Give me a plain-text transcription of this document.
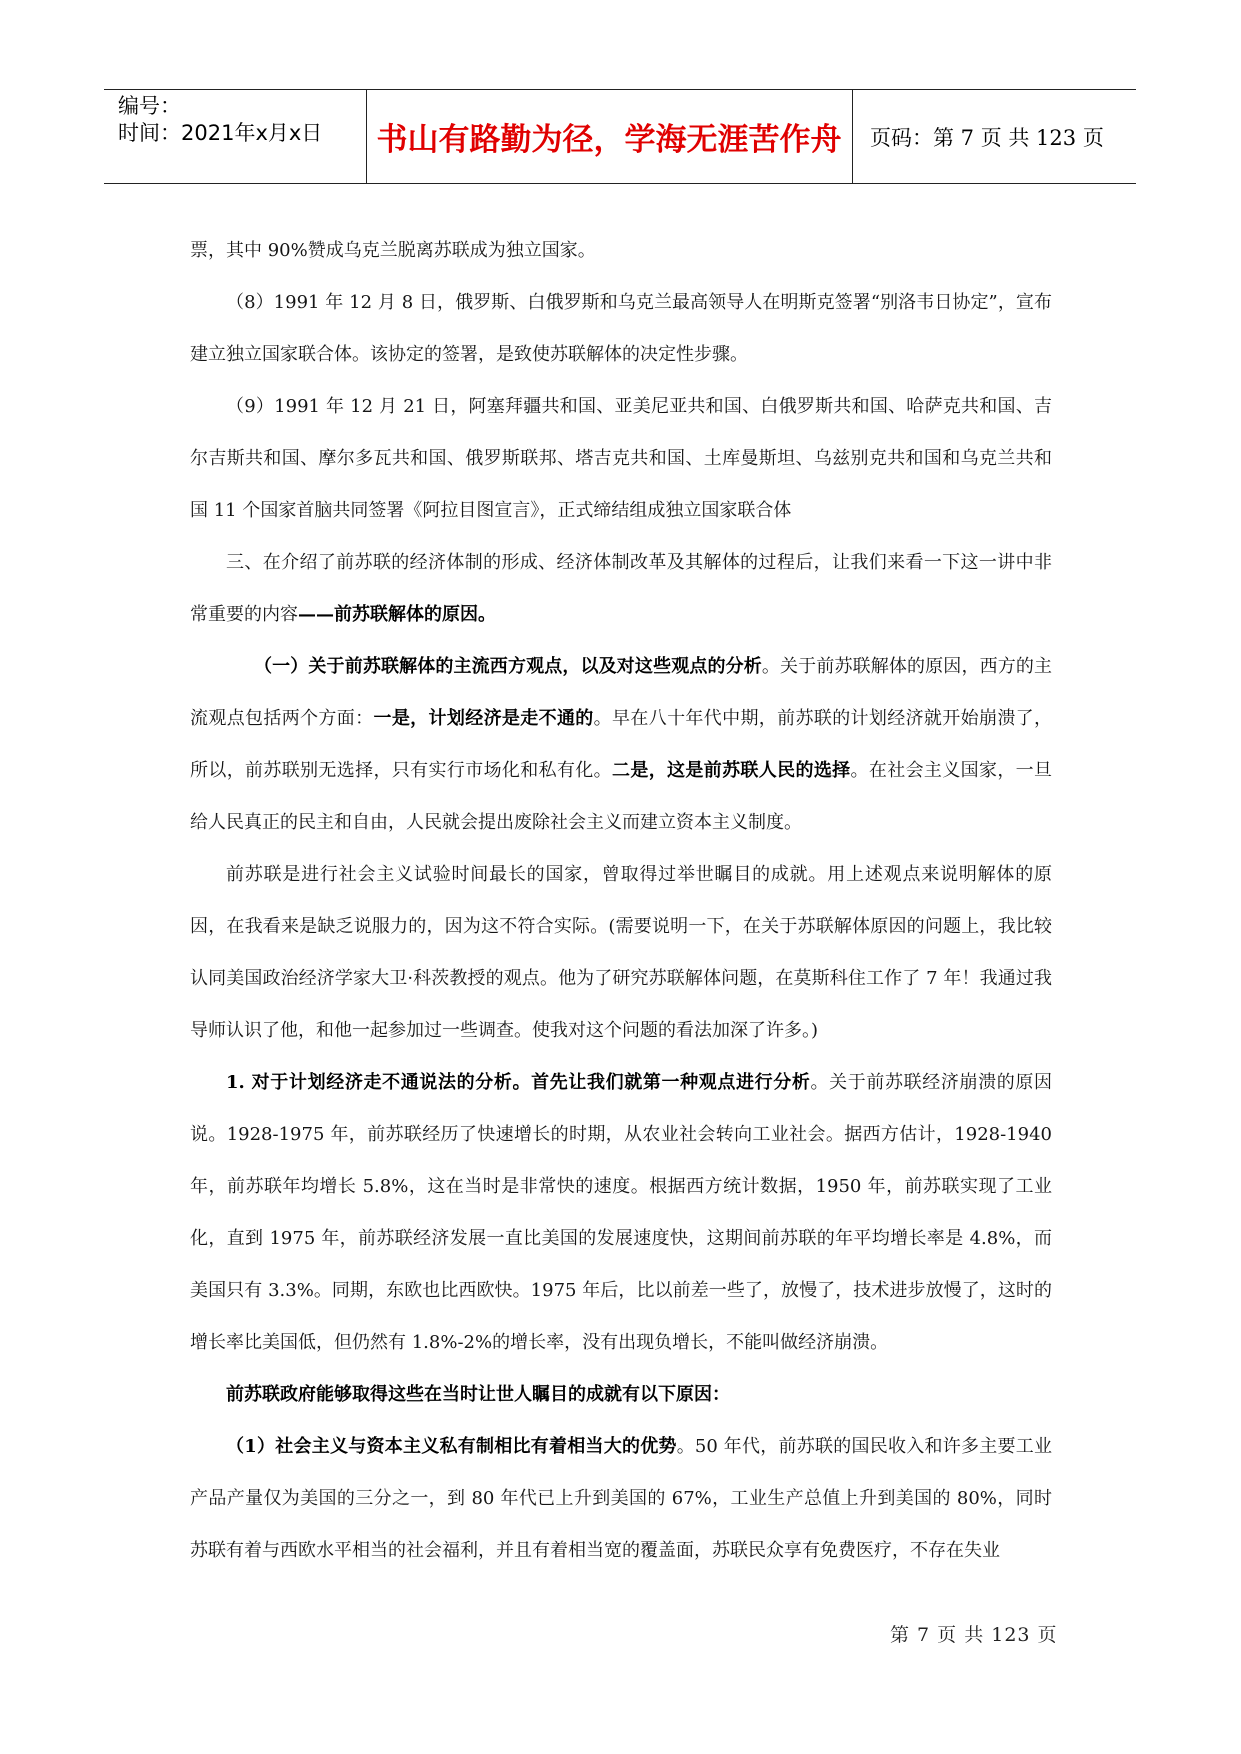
编号：
时间：2021年x月x日	书山有路勤为径，学海无涯苦作舟	页码：第 7 页 共 123 页

票，其中 90%赞成乌克兰脱离苏联成为独立国家。

（8）1991 年 12 月 8 日，俄罗斯、白俄罗斯和乌克兰最高领导人在明斯克签署“别洛韦日协定”，宣布建立独立国家联合体。该协定的签署，是致使苏联解体的决定性步骤。

（9）1991 年 12 月 21 日，阿塞拜疆共和国、亚美尼亚共和国、白俄罗斯共和国、哈萨克共和国、吉尔吉斯共和国、摩尔多瓦共和国、俄罗斯联邦、塔吉克共和国、土库曼斯坦、乌兹别克共和国和乌克兰共和国 11 个国家首脑共同签署《阿拉目图宣言》，正式缔结组成独立国家联合体

三、在介绍了前苏联的经济体制的形成、经济体制改革及其解体的过程后，让我们来看一下这一讲中非常重要的内容——前苏联解体的原因。

（一）关于前苏联解体的主流西方观点，以及对这些观点的分析。关于前苏联解体的原因，西方的主流观点包括两个方面：一是，计划经济是走不通的。早在八十年代中期，前苏联的计划经济就开始崩溃了，所以，前苏联别无选择，只有实行市场化和私有化。二是，这是前苏联人民的选择。在社会主义国家，一旦给人民真正的民主和自由，人民就会提出废除社会主义而建立资本主义制度。

前苏联是进行社会主义试验时间最长的国家，曾取得过举世瞩目的成就。用上述观点来说明解体的原因，在我看来是缺乏说服力的，因为这不符合实际。(需要说明一下，在关于苏联解体原因的问题上，我比较认同美国政治经济学家大卫·科茨教授的观点。他为了研究苏联解体问题，在莫斯科住工作了 7 年！我通过我导师认识了他，和他一起参加过一些调查。使我对这个问题的看法加深了许多。)

1. 对于计划经济走不通说法的分析。首先让我们就第一种观点进行分析。关于前苏联经济崩溃的原因说。1928-1975 年，前苏联经历了快速增长的时期，从农业社会转向工业社会。据西方估计，1928-1940 年，前苏联年均增长 5.8%，这在当时是非常快的速度。根据西方统计数据，1950 年，前苏联实现了工业化，直到 1975 年，前苏联经济发展一直比美国的发展速度快，这期间前苏联的年平均增长率是 4.8%，而美国只有 3.3%。同期，东欧也比西欧快。1975 年后，比以前差一些了，放慢了，技术进步放慢了，这时的增长率比美国低，但仍然有 1.8%-2%的增长率，没有出现负增长，不能叫做经济崩溃。

前苏联政府能够取得这些在当时让世人瞩目的成就有以下原因：

（1）社会主义与资本主义私有制相比有着相当大的优势。50 年代，前苏联的国民收入和许多主要工业产品产量仅为美国的三分之一，到 80 年代已上升到美国的 67%，工业生产总值上升到美国的 80%，同时苏联有着与西欧水平相当的社会福利，并且有着相当宽的覆盖面，苏联民众享有免费医疗，不存在失业

第 7 页 共 123 页
